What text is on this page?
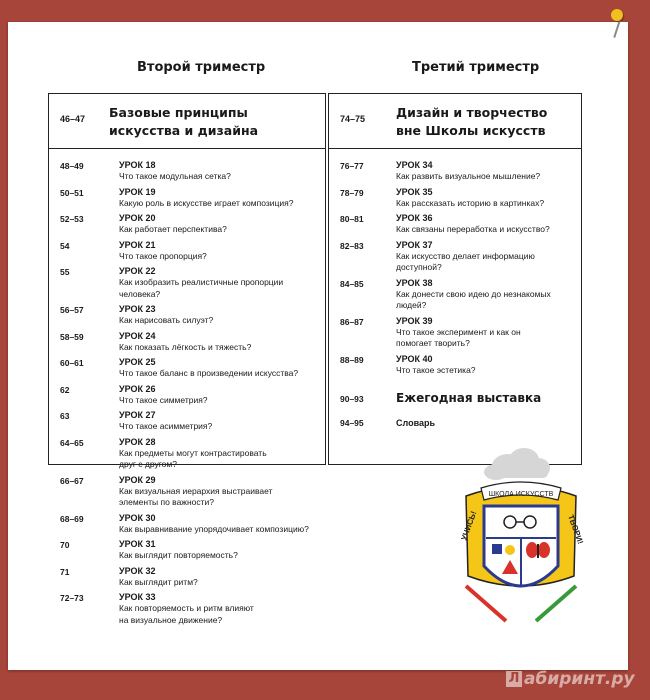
Второй триместр	Третий триместр
46–47 Базовые принципы
искусства и дизайна
74–75 Дизайн и творчество
вне Школы искусств
48–49	УРОК 18
Что такое модульная сетка?
50–51	УРОК 19
Какую роль в искусстве играет композиция?
52–53	УРОК 20
Как работает перспектива?
54	УРОК 21
Что такое пропорция?
55	УРОК 22
Как изобразить реалистичные пропорции
человека?
56–57	УРОК 23
Как нарисовать силуэт?
58–59	УРОК 24
Как показать лёгкость и тяжесть?
60–61	УРОК 25
Что такое баланс в произведении искусства?
62	УРОК 26
Что такое симметрия?
63	УРОК 27
Что такое асимметрия?
64–65	УРОК 28
Как предметы могут контрастировать
друг с другом?
66–67	УРОК 29
Как визуальная иерархия выстраивает
элементы по важности?
68–69	УРОК 30
Как выравнивание упорядочивает композицию?
70	УРОК 31
Как выглядит повторяемость?
71	УРОК 32
Как выглядит ритм?
72–73	УРОК 33
Как повторяемость и ритм влияют
на визуальное движение?
76–77	УРОК 34
Как развить визуальное мышление?
78–79	УРОК 35
Как рассказать историю в картинках?
80–81	УРОК 36
Как связаны переработка и искусство?
82–83	УРОК 37
Как искусство делает информацию
доступной?
84–85	УРОК 38
Как донести свою идею до незнакомых
людей?
86–87	УРОК 39
Что такое эксперимент и как он
помогает творить?
88–89	УРОК 40
Что такое эстетика?
90–93	Ежегодная выставка
94–95	Словарь
ШКОЛА ИСКУССТВ
УЧИСЬ!	ТВОРИ!
Л абиринт.ру
